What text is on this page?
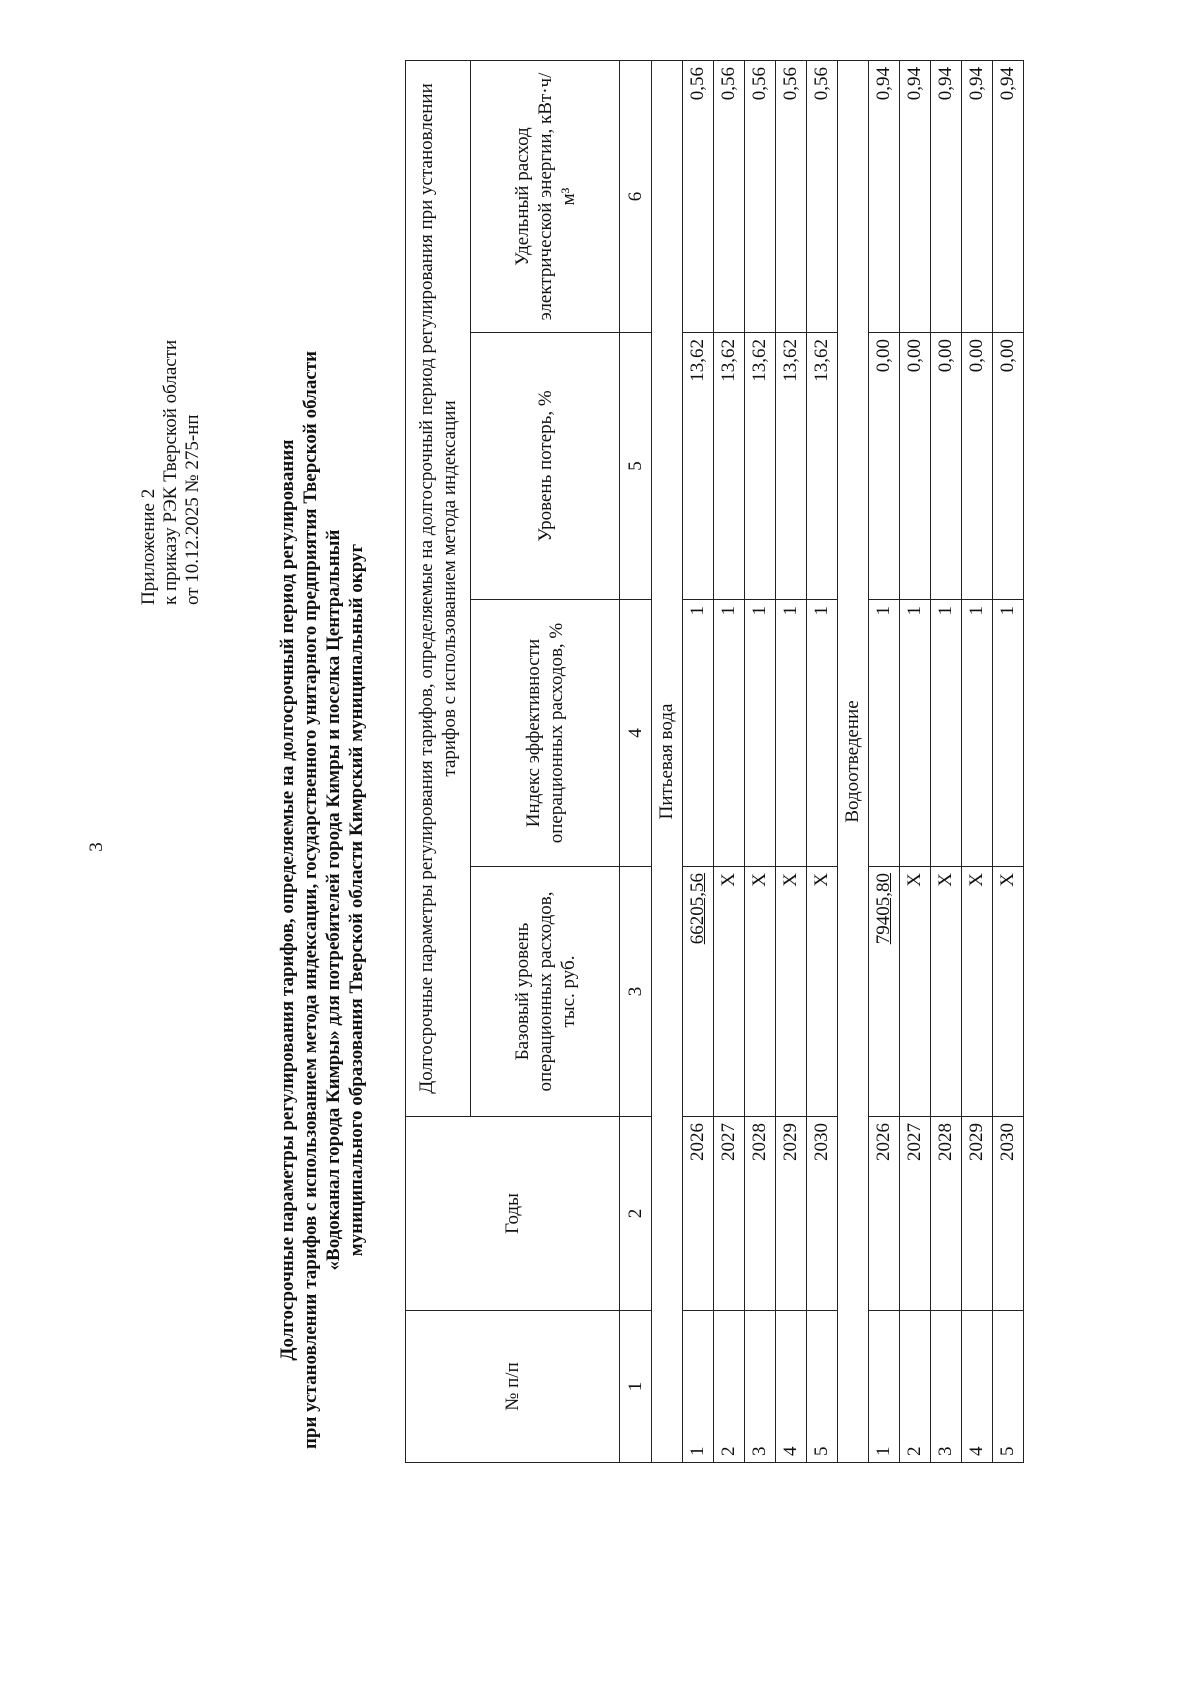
3
Приложение 2 к приказу РЭК Тверской области от 10.12.2025 № 275-нп	Долгосрочные параметры регулирования тарифов, определяемые на долгосрочный период регулирования при установлении тарифов с использованием метода индексации, государственного унитарного предприятия Тверской области «Водоканал города Кимры» для потребителей города Кимры и поселка Центральный муниципального образования Тверской области Кимрский муниципальный округ
№ п/п	Годы	Долгосрочные параметры регулирования тарифов, определяемые на долгосрочный период регулирования при установлении тарифов с использованием метода индексации			
		Базовый уровень операционных расходов, тыс. руб.	Индекс эффективности операционных расходов, %	Уровень потерь, %	Удельный расход электрической энергии, кВт·ч/м³
1	2	3	4	5	6
Питьевая вода					
1	2026	66205,56	1	13,62	0,56
2	2027	Х	1	13,62	0,56
3	2028	Х	1	13,62	0,56
4	2029	Х	1	13,62	0,56
5	2030	Х	1	13,62	0,56
Водоотведение					
1	2026	79405,80	1	0,00	0,94
2	2027	Х	1	0,00	0,94
3	2028	Х	1	0,00	0,94
4	2029	Х	1	0,00	0,94
5	2030	Х	1	0,00	0,94
